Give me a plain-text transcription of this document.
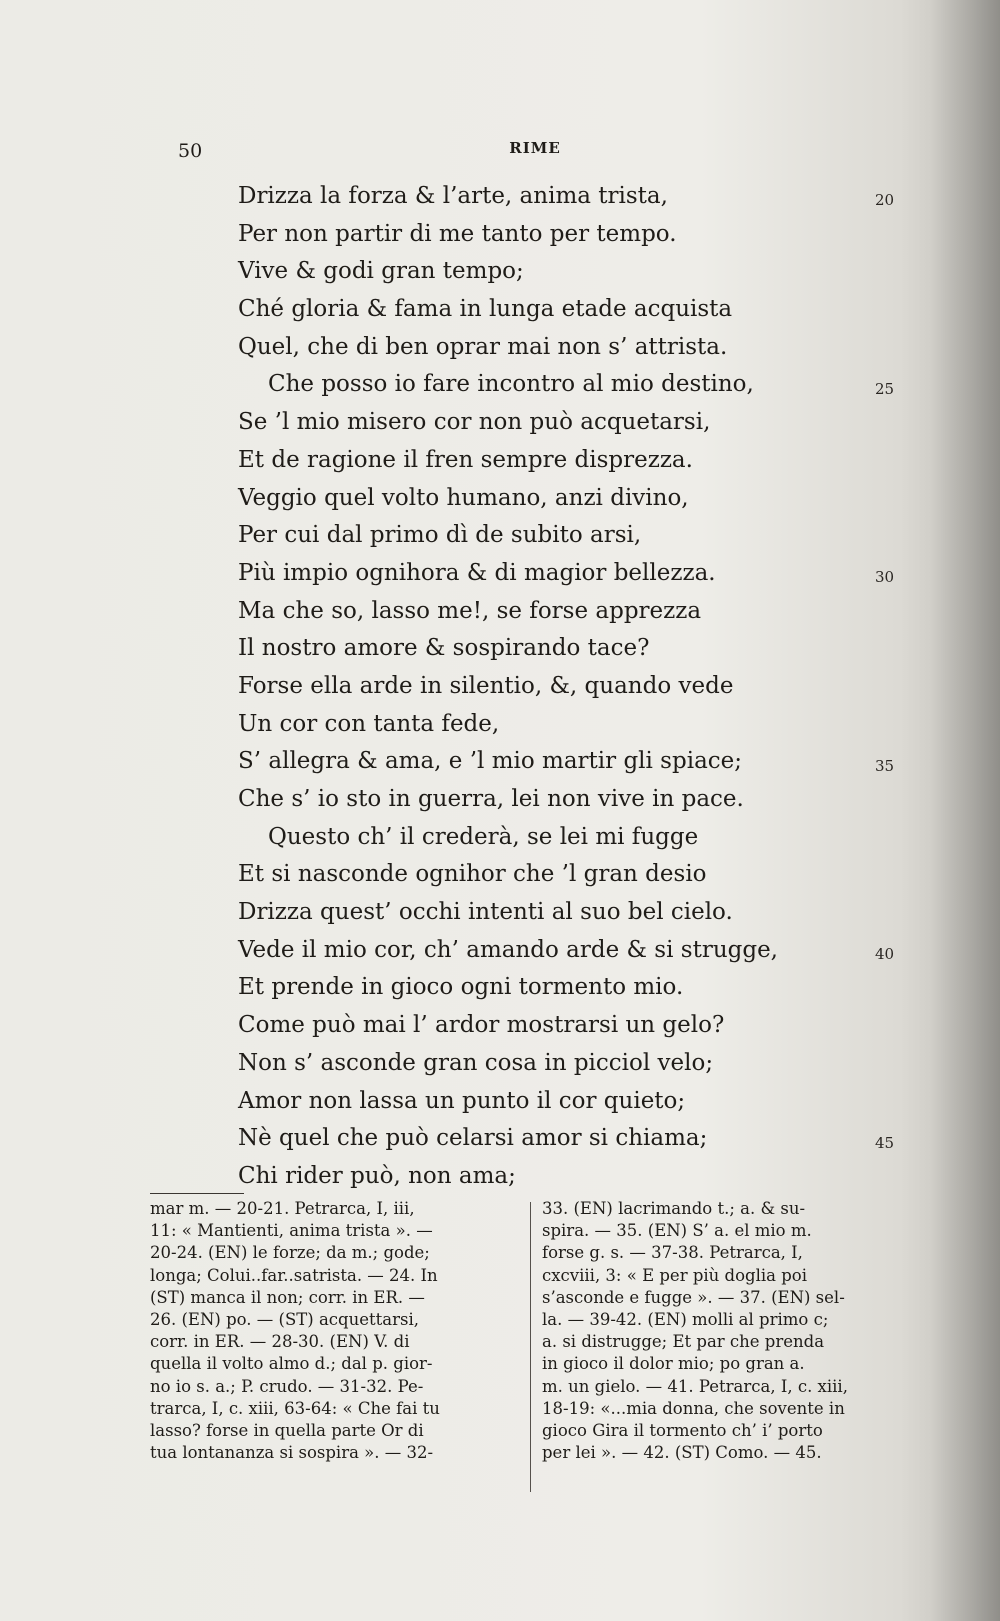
50	RIME
Drizza la forza & l’arte, anima trista,
Per non partir di me tanto per tempo.
Vive & godi gran tempo;
Ché gloria & fama in lunga etade acquista
Quel, che di ben oprar mai non s’ attrista.
Che posso io fare incontro al mio destino,
Se ’l mio misero cor non può acquetarsi,
Et de ragione il fren sempre disprezza.
Veggio quel volto humano, anzi divino,
Per cui dal primo dì de subito arsi,
Più impio ognihora & di magior bellezza.
Ma che so, lasso me!, se forse apprezza
Il nostro amore & sospirando tace?
Forse ella arde in silentio, &, quando vede
Un cor con tanta fede,
S’ allegra & ama, e ’l mio martir gli spiace;
Che s’ io sto in guerra, lei non vive in pace.
Questo ch’ il crederà, se lei mi fugge
Et si nasconde ognihor che ’l gran desio
Drizza quest’ occhi intenti al suo bel cielo.
Vede il mio cor, ch’ amando arde & si strugge,
Et prende in gioco ogni tormento mio.
Come può mai l’ ardor mostrarsi un gelo?
Non s’ asconde gran cosa in picciol velo;
Amor non lassa un punto il cor quieto;
Nè quel che può celarsi amor si chiama;
Chi rider può, non ama;
mar m. — 20-21. Petrarca, I, iii,
11: « Mantienti, anima trista ». —
20-24. (EN) le forze; da m.; gode;
longa; Colui..far..satrista. — 24. In
(ST) manca il non; corr. in ER. —
26. (EN) po. — (ST) acquettarsi,
corr. in ER. — 28-30. (EN) V. di
quella il volto almo d.; dal p. gior-
no io s. a.; P. crudo. — 31-32. Pe-
trarca, I, c. xiii, 63-64: « Che fai tu
lasso? forse in quella parte Or di
tua lontananza si sospira ». — 32-
33. (EN) lacrimando t.; a. & su-
spira. — 35. (EN) S’ a. el mio m.
forse g. s. — 37-38. Petrarca, I,
cxcviii, 3: « E per più doglia poi
s’asconde e fugge ». — 37. (EN) sel-
la. — 39-42. (EN) molli al primo c;
a. si distrugge; Et par che prenda
in gioco il dolor mio; po gran a.
m. un gielo. — 41. Petrarca, I, c. xiii,
18-19: «...mia donna, che sovente in
gioco Gira il tormento ch’ i’ porto
per lei ». — 42. (ST) Como. — 45.
20
25
30
35
40
45
